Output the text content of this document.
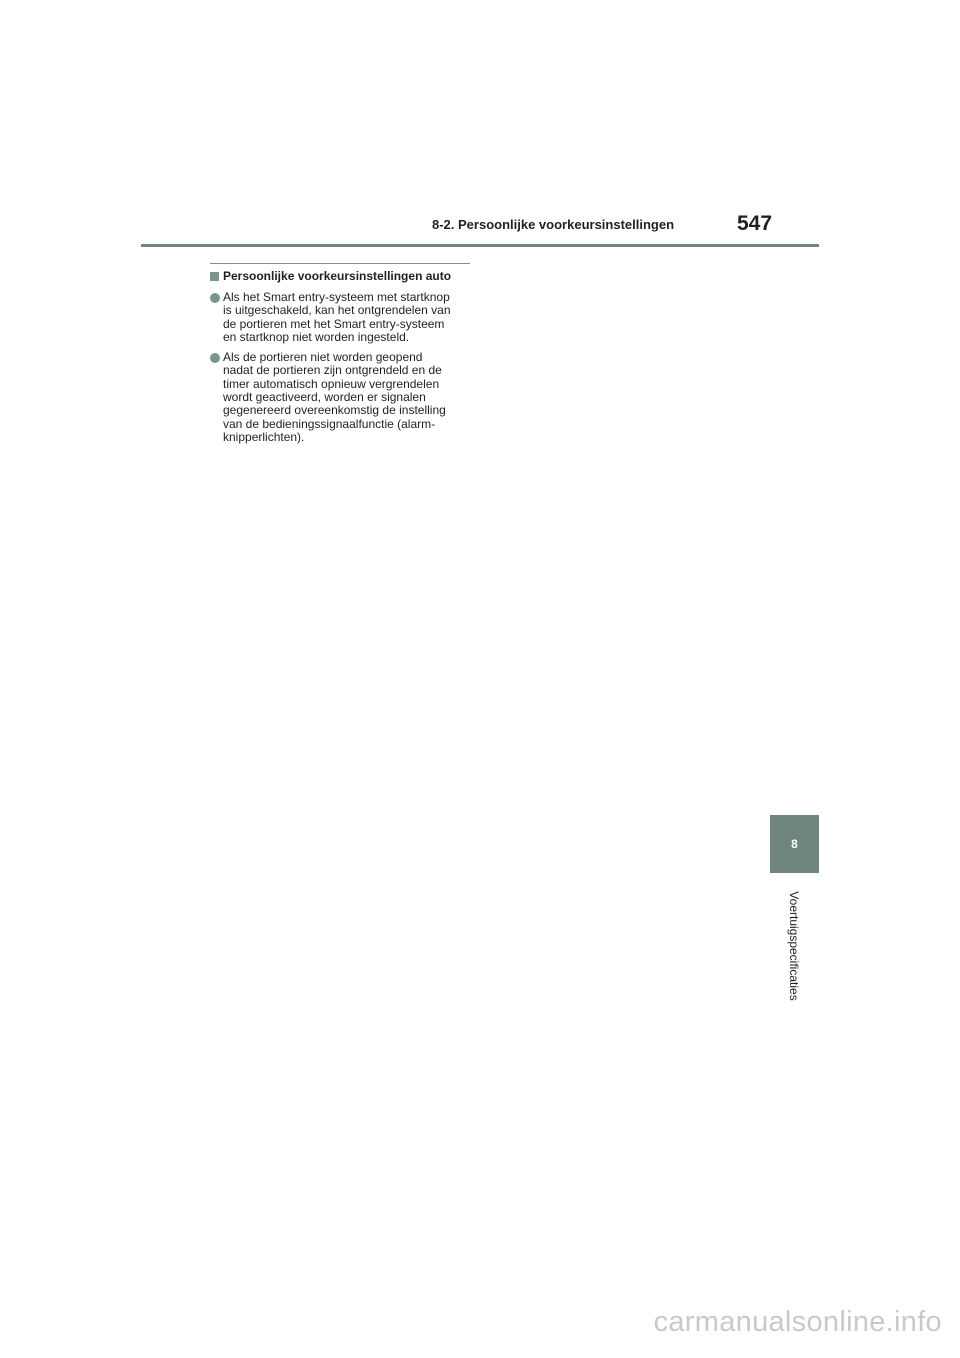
8-2. Persoonlijke voorkeursinstellingen	547
Persoonlijke voorkeursinstellingen auto
Als het Smart entry-systeem met startknop
is uitgeschakeld, kan het ontgrendelen van
de portieren met het Smart entry-systeem
en startknop niet worden ingesteld.
Als de portieren niet worden geopend
nadat de portieren zijn ontgrendeld en de
timer automatisch opnieuw vergrendelen
wordt geactiveerd, worden er signalen
gegenereerd overeenkomstig de instelling
van de bedieningssignaalfunctie (alarm-
knipperlichten).
8
Voertuigspecificaties
carmanualsonline.info
